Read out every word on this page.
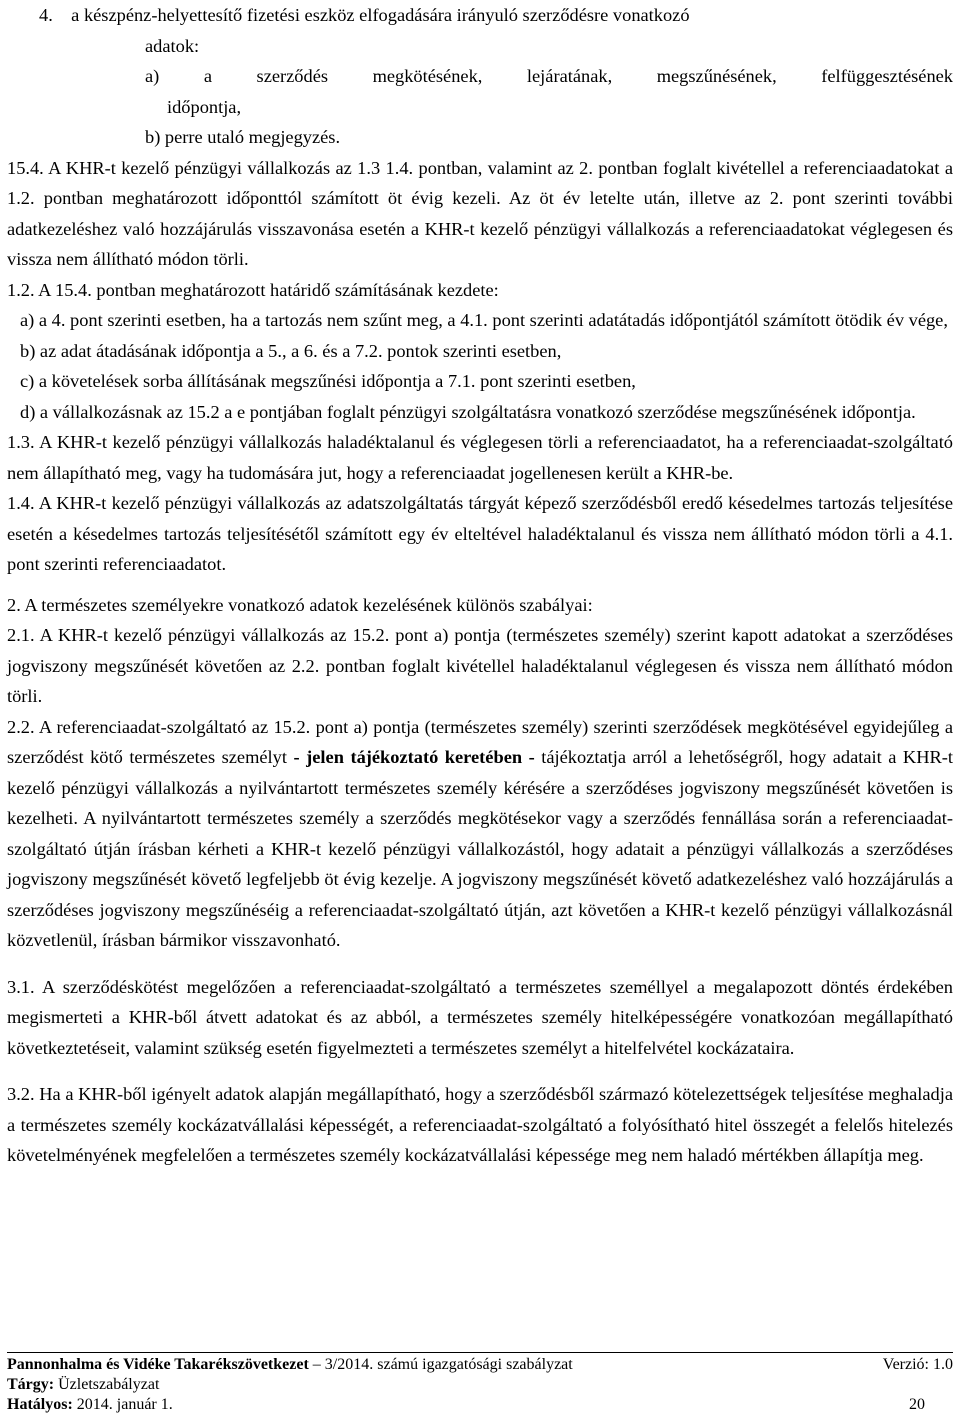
4. a készpénz-helyettesítő fizetési eszköz elfogadására irányuló szerződésre vonatkozó

adatok:

a) a szerződés megkötésének, lejáratának, megszűnésének, felfüggesztésének

időpontja,

b) perre utaló megjegyzés.

15.4. A KHR-t kezelő pénzügyi vállalkozás az 1.3 1.4. pontban, valamint az 2. pontban foglalt kivétellel a referenciaadatokat a 1.2. pontban meghatározott időponttól számított öt évig kezeli. Az öt év letelte után, illetve az 2. pont szerinti további adatkezeléshez való hozzájárulás visszavonása esetén a KHR-t kezelő pénzügyi vállalkozás a referenciaadatokat véglegesen és vissza nem állítható módon törli.

1.2. A 15.4. pontban meghatározott határidő számításának kezdete:

a) a 4. pont szerinti esetben, ha a tartozás nem szűnt meg, a 4.1. pont szerinti adatátadás időpontjától számított ötödik év vége,

b) az adat átadásának időpontja a 5., a 6. és a 7.2. pontok szerinti esetben,

c) a követelések sorba állításának megszűnési időpontja a 7.1. pont szerinti esetben,

d) a vállalkozásnak az 15.2 a e pontjában foglalt pénzügyi szolgáltatásra vonatkozó szerződése megszűnésének időpontja.

1.3. A KHR-t kezelő pénzügyi vállalkozás haladéktalanul és véglegesen törli a referenciaadatot, ha a referenciaadat-szolgáltató nem állapítható meg, vagy ha tudomására jut, hogy a referenciaadat jogellenesen került a KHR-be.

1.4. A KHR-t kezelő pénzügyi vállalkozás az adatszolgáltatás tárgyát képező szerződésből eredő késedelmes tartozás teljesítése esetén a késedelmes tartozás teljesítésétől számított egy év elteltével haladéktalanul és vissza nem állítható módon törli a 4.1. pont szerinti referenciaadatot.

2. A természetes személyekre vonatkozó adatok kezelésének különös szabályai:

2.1. A KHR-t kezelő pénzügyi vállalkozás az 15.2. pont a) pontja (természetes személy) szerint kapott adatokat a szerződéses jogviszony megszűnését követően az 2.2. pontban foglalt kivétellel haladéktalanul véglegesen és vissza nem állítható módon törli.

2.2. A referenciaadat-szolgáltató az 15.2. pont a) pontja (természetes személy) szerinti szerződések megkötésével egyidejűleg a szerződést kötő természetes személyt - jelen tájékoztató keretében - tájékoztatja arról a lehetőségről, hogy adatait a KHR-t kezelő pénzügyi vállalkozás a nyilvántartott természetes személy kérésére a szerződéses jogviszony megszűnését követően is kezelheti. A nyilvántartott természetes személy a szerződés megkötésekor vagy a szerződés fennállása során a referenciaadat-szolgáltató útján írásban kérheti a KHR-t kezelő pénzügyi vállalkozástól, hogy adatait a pénzügyi vállalkozás a szerződéses jogviszony megszűnését követő legfeljebb öt évig kezelje. A jogviszony megszűnését követő adatkezeléshez való hozzájárulás a szerződéses jogviszony megszűnéséig a referenciaadat-szolgáltató útján, azt követően a KHR-t kezelő pénzügyi vállalkozásnál közvetlenül, írásban bármikor visszavonható.

3.1. A szerződéskötést megelőzően a referenciaadat-szolgáltató a természetes személlyel a megalapozott döntés érdekében megismerteti a KHR-ből átvett adatokat és az abból, a természetes személy hitelképességére vonatkozóan megállapítható következtetéseit, valamint szükség esetén figyelmezteti a természetes személyt a hitelfelvétel kockázataira.

3.2. Ha a KHR-ből igényelt adatok alapján megállapítható, hogy a szerződésből származó kötelezettségek teljesítése meghaladja a természetes személy kockázatvállalási képességét, a referenciaadat-szolgáltató a folyósítható hitel összegét a felelős hitelezés követelményének megfelelően a természetes személy kockázatvállalási képessége meg nem haladó mértékben állapítja meg.

Pannonhalma és Vidéke Takarékszövetkezet – 3/2014. számú igazgatósági szabályzat	Verzió: 1.0
Tárgy: Üzletszabályzat
Hatályos: 2014. január 1.	20
